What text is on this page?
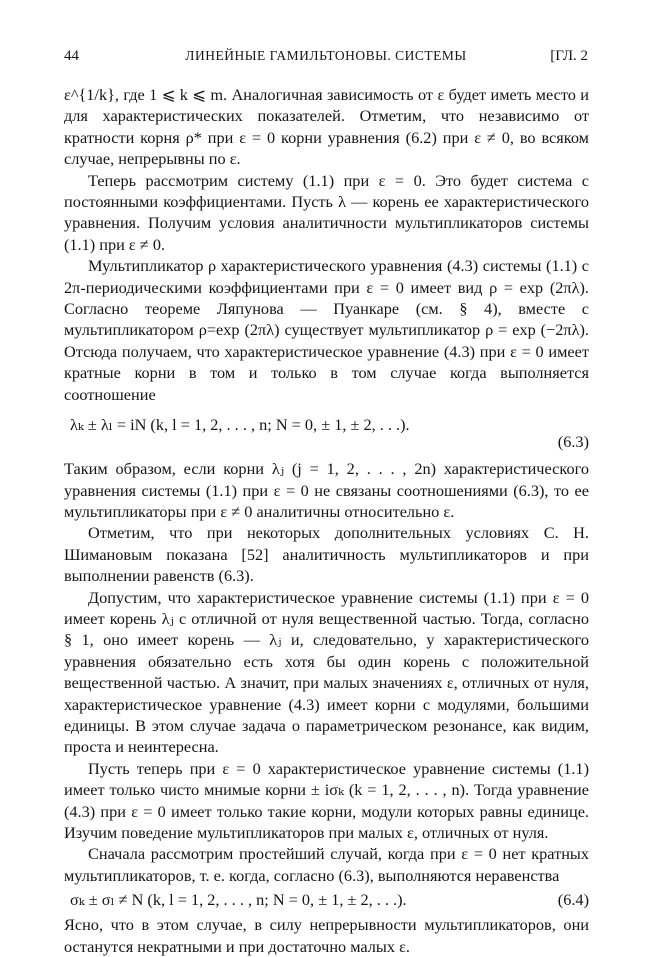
44	ЛИНЕЙНЫЕ ГАМИЛЬТОНОВЫ. СИСТЕМЫ	[ГЛ. 2

ε^{1/k}, где 1 ⩽ k ⩽ m. Аналогичная зависимость от ε будет иметь место и для характеристических показателей. Отметим, что независимо от кратности корня ρ* при ε = 0 корни уравнения (6.2) при ε ≠ 0, во всяком случае, непрерывны по ε.

Теперь рассмотрим систему (1.1) при ε = 0. Это будет система с постоянными коэффициентами. Пусть λ — корень ее характеристического уравнения. Получим условия аналитичности мультипликаторов системы (1.1) при ε ≠ 0.

Мультипликатор ρ характеристического уравнения (4.3) системы (1.1) с 2π-периодическими коэффициентами при ε = 0 имеет вид ρ = exp (2πλ). Согласно теореме Ляпунова — Пуанкаре (см. § 4), вместе с мультипликатором ρ=exp (2πλ) существует мультипликатор ρ = exp (−2πλ). Отсюда получаем, что характеристическое уравнение (4.3) при ε = 0 имеет кратные корни в том и только в том случае когда выполняется соотношение

λₖ ± λₗ = iN (k, l = 1, 2, . . . , n; N = 0, ± 1, ± 2, . . .).
(6.3)

Таким образом, если корни λⱼ (j = 1, 2, . . . , 2n) характеристического уравнения системы (1.1) при ε = 0 не связаны соотношениями (6.3), то ее мультипликаторы при ε ≠ 0 аналитичны относительно ε.

Отметим, что при некоторых дополнительных условиях С. Н. Шимановым показана [52] аналитичность мультипликаторов и при выполнении равенств (6.3).

Допустим, что характеристическое уравнение системы (1.1) при ε = 0 имеет корень λⱼ с отличной от нуля вещественной частью. Тогда, согласно § 1, оно имеет корень — λⱼ и, следовательно, у характеристического уравнения обязательно есть хотя бы один корень с положительной вещественной частью. А значит, при малых значениях ε, отличных от нуля, характеристическое уравнение (4.3) имеет корни с модулями, большими единицы. В этом случае задача о параметрическом резонансе, как видим, проста и неинтересна.

Пусть теперь при ε = 0 характеристическое уравнение системы (1.1) имеет только чисто мнимые корни ± iσₖ (k = 1, 2, . . . , n). Тогда уравнение (4.3) при ε = 0 имеет только такие корни, модули которых равны единице. Изучим поведение мультипликаторов при малых ε, отличных от нуля.

Сначала рассмотрим простейший случай, когда при ε = 0 нет кратных мультипликаторов, т. е. когда, согласно (6.3), выполняются неравенства

σₖ ± σₗ ≠ N (k, l = 1, 2, . . . , n; N = 0, ± 1, ± 2, . . .).	(6.4)

Ясно, что в этом случае, в силу непрерывности мультипликаторов, они останутся некратными и при достаточно малых ε.
